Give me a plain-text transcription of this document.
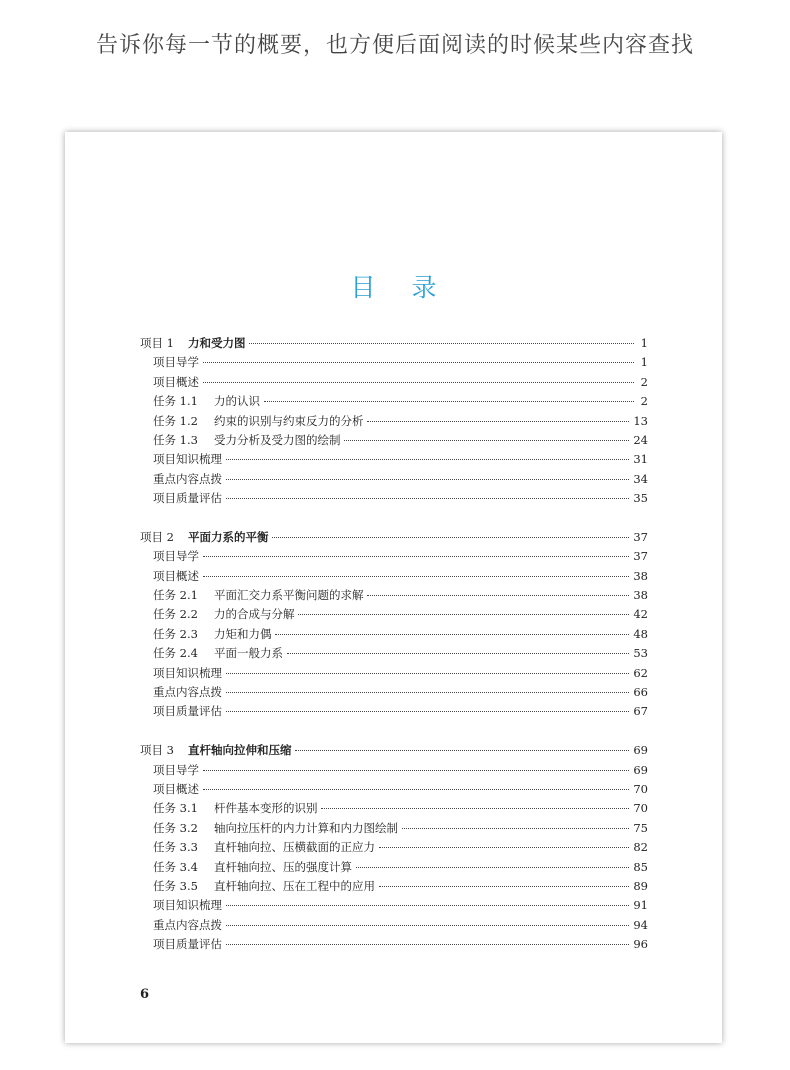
告诉你每一节的概要，也方便后面阅读的时候某些内容查找
目 录
项目 1 力和受力图	1
项目导学	1
项目概述	2
任务 1.1 力的认识	2
任务 1.2 约束的识别与约束反力的分析	13
任务 1.3 受力分析及受力图的绘制	24
项目知识梳理	31
重点内容点拨	34
项目质量评估	35
项目 2 平面力系的平衡	37
项目导学	37
项目概述	38
任务 2.1 平面汇交力系平衡问题的求解	38
任务 2.2 力的合成与分解	42
任务 2.3 力矩和力偶	48
任务 2.4 平面一般力系	53
项目知识梳理	62
重点内容点拨	66
项目质量评估	67
项目 3 直杆轴向拉伸和压缩	69
项目导学	69
项目概述	70
任务 3.1 杆件基本变形的识别	70
任务 3.2 轴向拉压杆的内力计算和内力图绘制	75
任务 3.3 直杆轴向拉、压横截面的正应力	82
任务 3.4 直杆轴向拉、压的强度计算	85
任务 3.5 直杆轴向拉、压在工程中的应用	89
项目知识梳理	91
重点内容点拨	94
项目质量评估	96
6
